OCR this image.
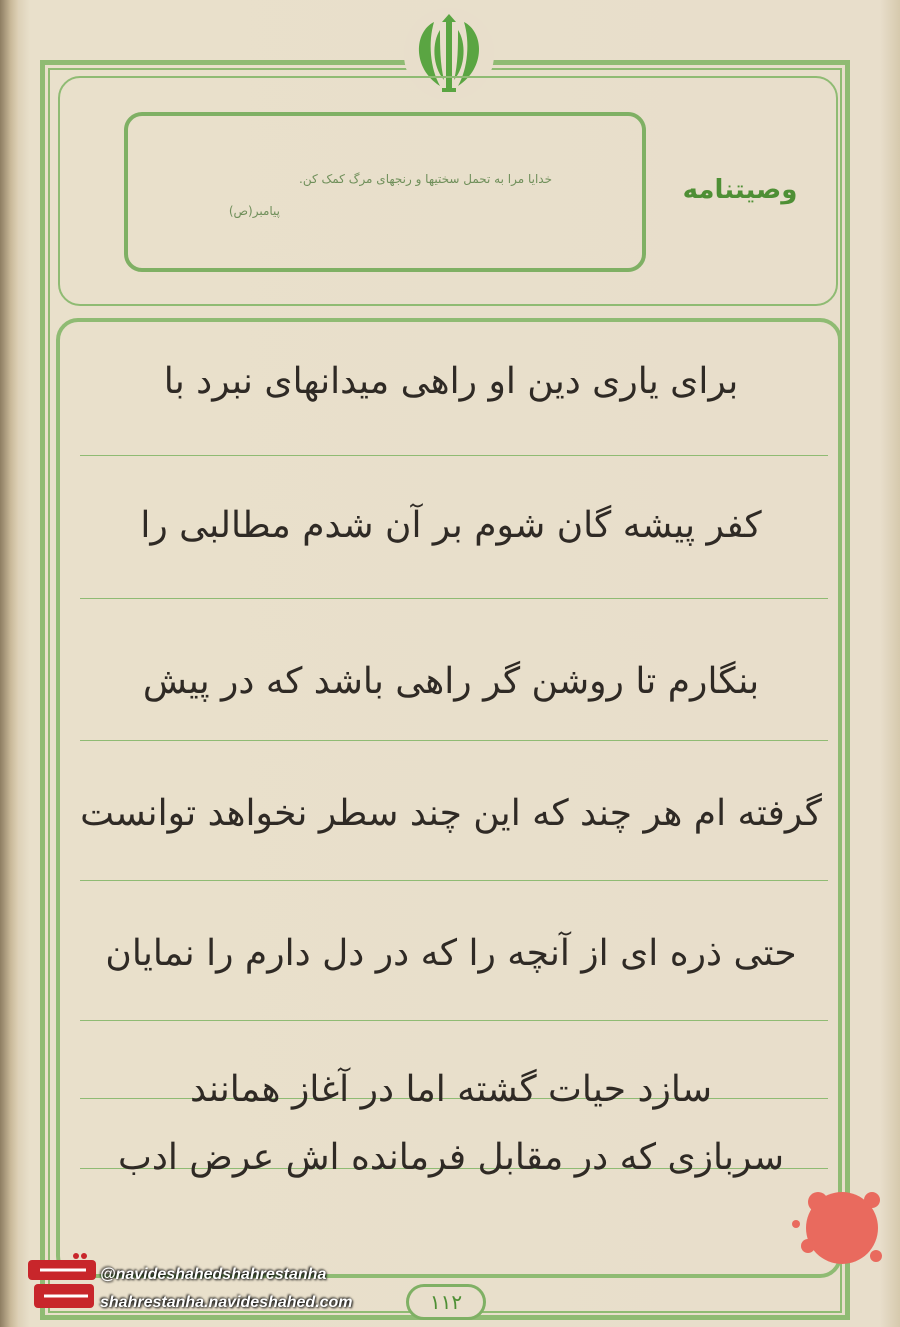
خدایا مرا به تحمل سختیها و رنجهای مرگ کمک کن.
پیامبر(ص)
وصیتنامه
برای یاری دین او راهی میدانهای نبرد با
کفر پیشه گان شوم بر آن شدم مطالبی را
بنگارم تا روشن گر راهی باشد که در پیش
گرفته ام هر چند که این چند سطر نخواهد توانست
حتی ذره ای از آنچه را که در دل دارم را نمایان
سازد حیات گشته اما در آغاز همانند
سربازی که در مقابل فرمانده اش عرض ادب
۱۱۲
@navideshahedshahrestanha
shahrestanha.navideshahed.com
